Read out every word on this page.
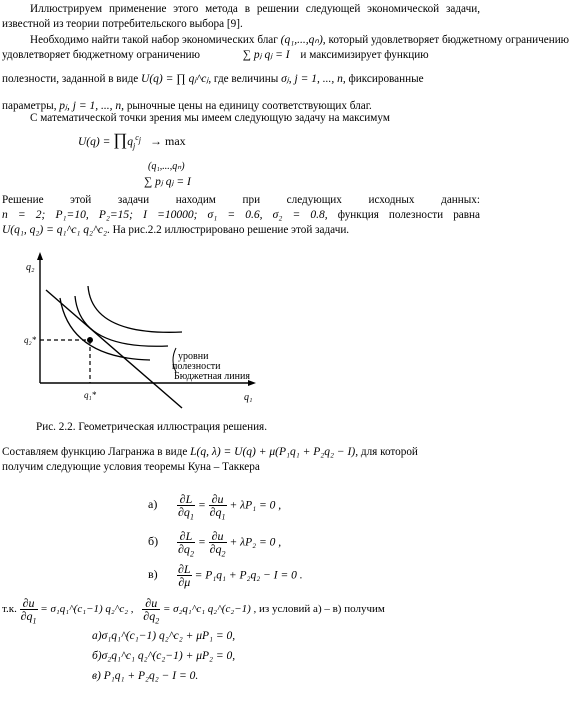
Иллюстрируем применение этого метода в решении следующей экономической задачи, известной из теории потребительского выбора [9].
Необходимо найти такой набор экономических благ (q₁,...,qₙ), который удовлетворяет бюджетному ограничению
удовлетворяет бюджетному ограничению	∑ pⱼ qⱼ = I и максимизирует функцию
полезности, заданной в виде U(q) = ∏ qⱼ^cⱼ, где величины σⱼ, j = 1, ..., n, фиксированные
параметры, pⱼ, j = 1, ..., n, рыночные цены на единицу соответствующих благ.
С математической точки зрения мы имеем следующую задачу на максимум
$U(q) = \prod q_j^{c_j} \to \max$
(q₁,...,qₙ)
∑ pⱼ qⱼ = I
Решение этой задачи находим при следующих исходных данных: n = 2; P₁=10, P₂=15; I =10000; σ₁ = 0.6, σ₂ = 0.8, функция полезности равна U(q₁, q₂) = q₁^c₁ q₂^c₂. На рис.2.2 иллюстрировано решение этой задачи.
q₂
q₁
q₂*
q₁*
уровни
полезности
Бюджетная линия
Рис. 2.2. Геометрическая иллюстрация решения.
Составляем функцию Лагранжа в виде L(q, λ) = U(q) + μ(P₁q₁ + P₂q₂ − I), для которой
получим следующие условия теоремы Куна – Таккера
$а) \frac{\partial L}{\partial q_1} = \frac{\partial u}{\partial q_1} + \lambda P_1 = 0$ ,
$б) \frac{\partial L}{\partial q_2} = \frac{\partial u}{\partial q_2} + \lambda P_2 = 0$ ,
$в) \frac{\partial L}{\partial\mu} = P_1q_1 + P_2q_2 - I = 0$ .
т.к. $\frac{\partial u}{\partial q_1}$ = σ₁q₁^(c₁−1) q₂^c₂ , $\frac{\partial u}{\partial q_2}$ = σ₂q₁^c₁ q₂^(c₂−1) , из условий а) – в) получим
а)σ₁q₁^(c₁−1) q₂^c₂ + μP₁ = 0,
б)σ₂q₁^c₁ q₂^(c₂−1) + μP₂ = 0,
в) P₁q₁ + P₂q₂ − I = 0.
